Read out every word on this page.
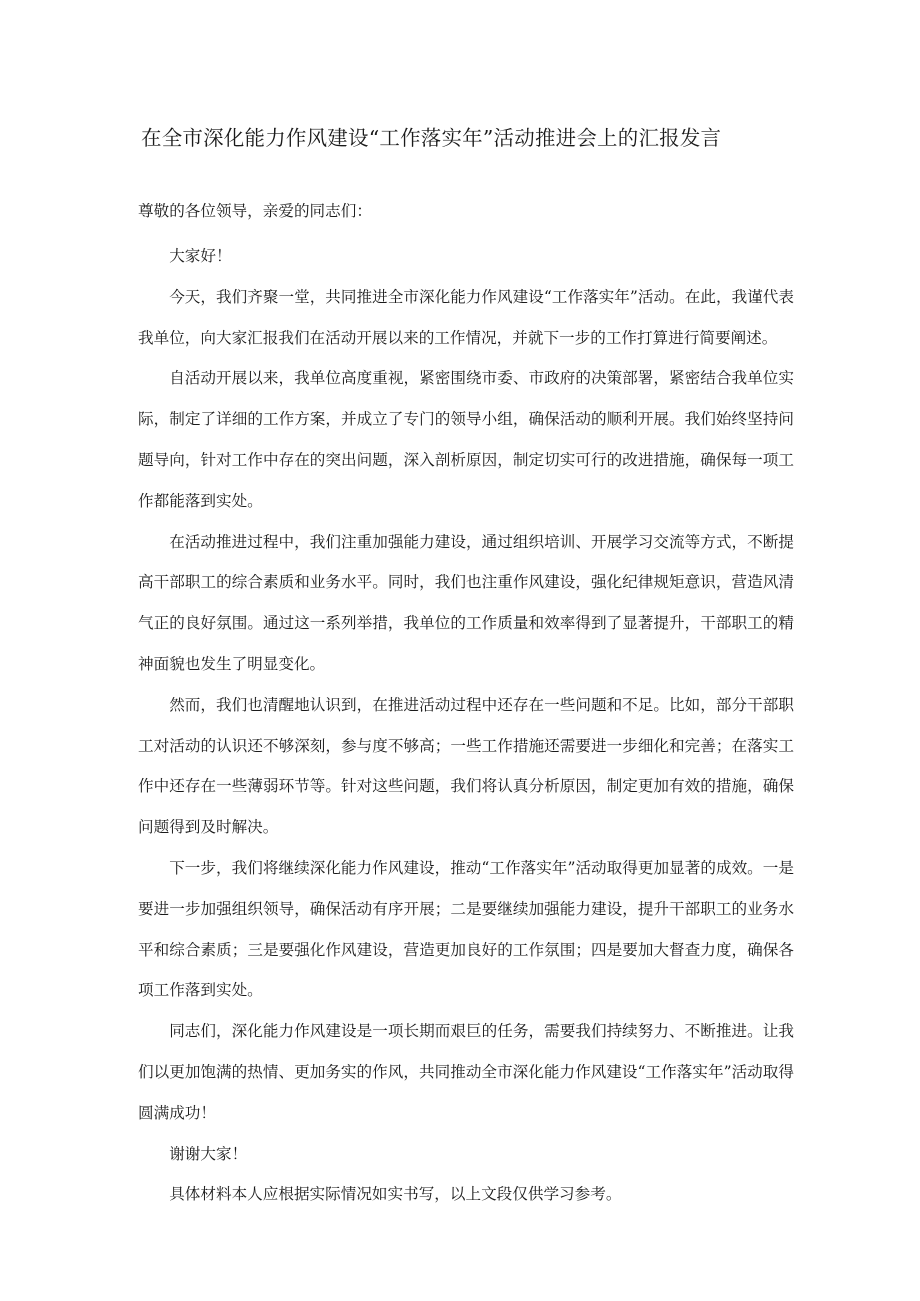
在全市深化能力作风建设“工作落实年”活动推进会上的汇报发言

尊敬的各位领导，亲爱的同志们：

大家好！

今天，我们齐聚一堂，共同推进全市深化能力作风建设“工作落实年”活动。在此，我谨代表我单位，向大家汇报我们在活动开展以来的工作情况，并就下一步的工作打算进行简要阐述。

自活动开展以来，我单位高度重视，紧密围绕市委、市政府的决策部署，紧密结合我单位实际，制定了详细的工作方案，并成立了专门的领导小组，确保活动的顺利开展。我们始终坚持问题导向，针对工作中存在的突出问题，深入剖析原因，制定切实可行的改进措施，确保每一项工作都能落到实处。

在活动推进过程中，我们注重加强能力建设，通过组织培训、开展学习交流等方式，不断提高干部职工的综合素质和业务水平。同时，我们也注重作风建设，强化纪律规矩意识，营造风清气正的良好氛围。通过这一系列举措，我单位的工作质量和效率得到了显著提升，干部职工的精神面貌也发生了明显变化。

然而，我们也清醒地认识到，在推进活动过程中还存在一些问题和不足。比如，部分干部职工对活动的认识还不够深刻，参与度不够高；一些工作措施还需要进一步细化和完善；在落实工作中还存在一些薄弱环节等。针对这些问题，我们将认真分析原因，制定更加有效的措施，确保问题得到及时解决。

下一步，我们将继续深化能力作风建设，推动“工作落实年”活动取得更加显著的成效。一是要进一步加强组织领导，确保活动有序开展；二是要继续加强能力建设，提升干部职工的业务水平和综合素质；三是要强化作风建设，营造更加良好的工作氛围；四是要加大督查力度，确保各项工作落到实处。

同志们，深化能力作风建设是一项长期而艰巨的任务，需要我们持续努力、不断推进。让我们以更加饱满的热情、更加务实的作风，共同推动全市深化能力作风建设“工作落实年”活动取得圆满成功！

谢谢大家！

具体材料本人应根据实际情况如实书写，以上文段仅供学习参考。
